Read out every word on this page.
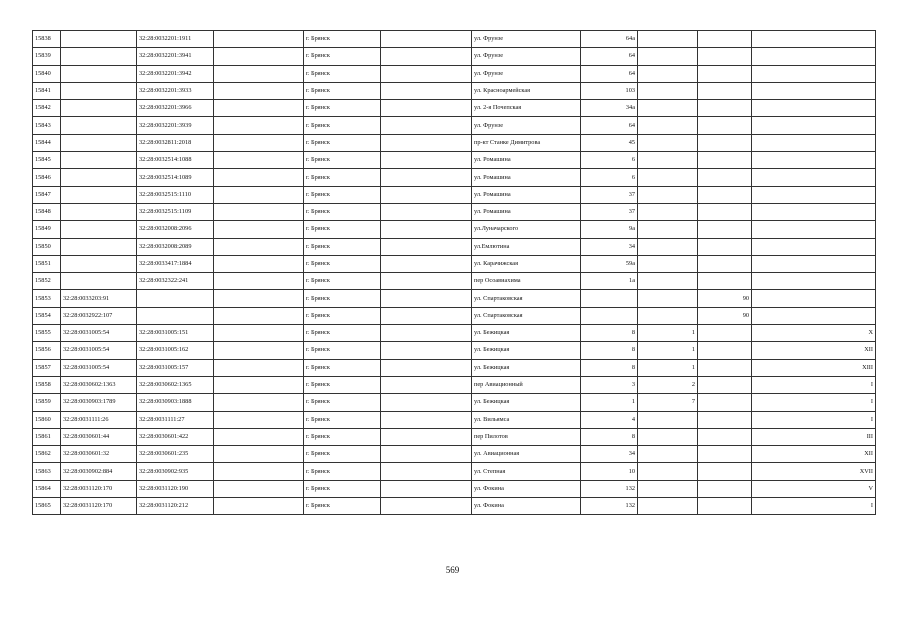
15838		32:28:0032201:1911		г. Брянск		ул. Фрунзе	64а			
15839		32:28:0032201:3941		г. Брянск		ул. Фрунзе	64			
15840		32:28:0032201:3942		г. Брянск		ул. Фрунзе	64			
15841		32:28:0032201:3933		г. Брянск		ул. Красноармейская	103			
15842		32:28:0032201:3966		г. Брянск		ул. 2-я Почепская	34а			
15843		32:28:0032201:3939		г. Брянск		ул. Фрунзе	64			
15844		32:28:0032811:2018		г. Брянск		пр-кт Станке Димитрова	45			
15845		32:28:0032514:1088		г. Брянск		ул. Ромашина	6			
15846		32:28:0032514:1089		г. Брянск		ул. Ромашина	6			
15847		32:28:0032515:1110		г. Брянск		ул. Ромашина	37			
15848		32:28:0032515:1109		г. Брянск		ул. Ромашина	37			
15849		32:28:0032008:2096		г. Брянск		ул.Луначарского	9а			
15850		32:28:0032008:2089		г. Брянск		ул.Емлютина	34			
15851		32:28:0033417:1884		г. Брянск		ул. Карачижская	59а			
15852		32:28:0032322:241		г. Брянск		пер Осоавиахима	1а			
15853	32:28:0033203:91			г. Брянск		ул. Спартаковская			90	
15854	32:28:0032922:107			г. Брянск		ул. Спартаковская			90	
15855	32:28:0031005:54	32:28:0031005:151		г. Брянск		ул. Бежицкая	8	1		X
15856	32:28:0031005:54	32:28:0031005:162		г. Брянск		ул. Бежицкая	8	1		XII
15857	32:28:0031005:54	32:28:0031005:157		г. Брянск		ул. Бежицкая	8	1		XIII
15858	32:28:0030602:1363	32:28:0030602:1365		г. Брянск		пер Авиационный	3	2		I
15859	32:28:0030903:1789	32:28:0030903:1888		г. Брянск		ул. Бежицкая	1	7		I
15860	32:28:0031111:26	32:28:0031111:27		г. Брянск		ул. Вильямса	4			I
15861	32:28:0030601:44	32:28:0030601:422		г. Брянск		пер Пилотов	8			III
15862	32:28:0030601:32	32:28:0030601:235		г. Брянск		ул. Авиационная	34			XII
15863	32:28:0030902:884	32:28:0030902:935		г. Брянск		ул. Степная	10			XVII
15864	32:28:0031120:170	32:28:0031120:190		г. Брянск		ул. Фокина	132			V
15865	32:28:0031120:170	32:28:0031120:212		г. Брянск		ул. Фокина	132			I
569
